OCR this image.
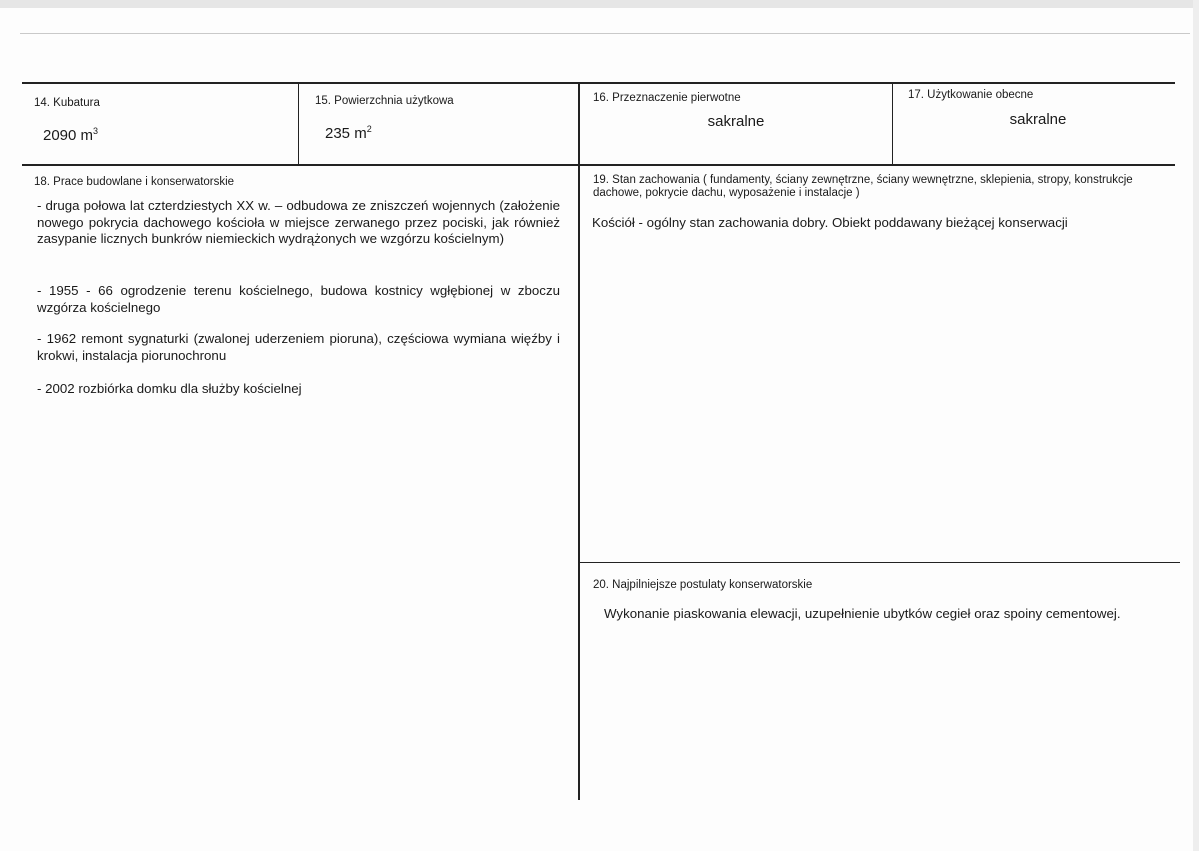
14. Kubatura
2090 $m^3$
15. Powierzchnia użytkowa
235 $m^2$
16. Przeznaczenie pierwotne
sakralne
17. Użytkowanie obecne
sakralne
18. Prace budowlane i konserwatorskie

- druga połowa lat czterdziestych XX w. – odbudowa ze zniszczeń wojennych (założenie nowego pokrycia dachowego kościoła w miejsce zerwanego przez pociski, jak również zasypanie licznych bunkrów niemieckich wydrążonych we wzgórzu kościelnym)

- 1955 - 66 ogrodzenie terenu kościelnego, budowa kostnicy wgłębionej w zboczu wzgórza kościelnego

- 1962 remont sygnaturki (zwalonej uderzeniem pioruna), częściowa wymiana więźby i krokwi, instalacja piorunochronu

- 2002 rozbiórka domku dla służby kościelnej

19. Stan zachowania ( fundamenty, ściany zewnętrzne, ściany wewnętrzne, sklepienia, stropy, konstrukcje dachowe, pokrycie dachu, wyposażenie i instalacje )

Kościół - ogólny stan zachowania dobry. Obiekt poddawany bieżącej konserwacji

20. Najpilniejsze postulaty konserwatorskie

Wykonanie piaskowania elewacji, uzupełnienie ubytków cegieł oraz spoiny cementowej.
